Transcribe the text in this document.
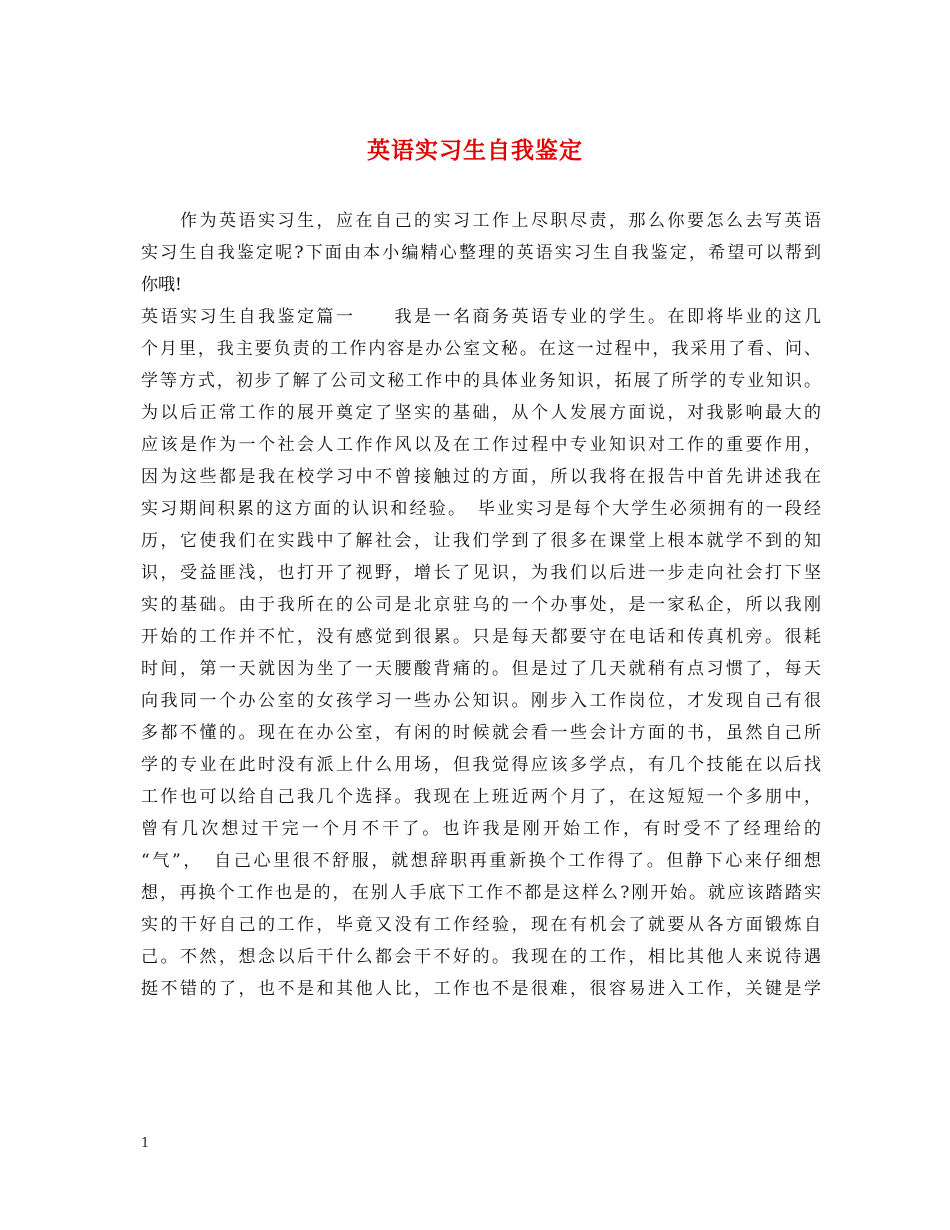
英语实习生自我鉴定
　　作为英语实习生，应在自己的实习工作上尽职尽责，那么你要怎么去写英语
实习生自我鉴定呢?下面由本小编精心整理的英语实习生自我鉴定，希望可以帮到
你哦!
英语实习生自我鉴定篇一　　我是一名商务英语专业的学生。在即将毕业的这几
个月里，我主要负责的工作内容是办公室文秘。在这一过程中，我采用了看、问、
学等方式，初步了解了公司文秘工作中的具体业务知识，拓展了所学的专业知识。
为以后正常工作的展开奠定了坚实的基础，从个人发展方面说，对我影响最大的
应该是作为一个社会人工作作风以及在工作过程中专业知识对工作的重要作用，
因为这些都是我在校学习中不曾接触过的方面，所以我将在报告中首先讲述我在
实习期间积累的这方面的认识和经验。　毕业实习是每个大学生必须拥有的一段经
历，它使我们在实践中了解社会，让我们学到了很多在课堂上根本就学不到的知
识，受益匪浅，也打开了视野，增长了见识，为我们以后进一步走向社会打下坚
实的基础。由于我所在的公司是北京驻乌的一个办事处，是一家私企，所以我刚
开始的工作并不忙，没有感觉到很累。只是每天都要守在电话和传真机旁。很耗
时间，第一天就因为坐了一天腰酸背痛的。但是过了几天就稍有点习惯了，每天
向我同一个办公室的女孩学习一些办公知识。刚步入工作岗位，才发现自己有很
多都不懂的。现在在办公室，有闲的时候就会看一些会计方面的书，虽然自己所
学的专业在此时没有派上什么用场，但我觉得应该多学点，有几个技能在以后找
工作也可以给自己我几个选择。我现在上班近两个月了，在这短短一个多朋中，
曾有几次想过干完一个月不干了。也许我是刚开始工作，有时受不了经理给的
“气”，　自己心里很不舒服，就想辞职再重新换个工作得了。但静下心来仔细想
想，再换个工作也是的，在别人手底下工作不都是这样么?刚开始。就应该踏踏实
实的干好自己的工作，毕竟又没有工作经验，现在有机会了就要从各方面锻炼自
己。不然，想念以后干什么都会干不好的。我现在的工作，相比其他人来说待遇
挺不错的了，也不是和其他人比，工作也不是很难，很容易进入工作，关键是学
1
